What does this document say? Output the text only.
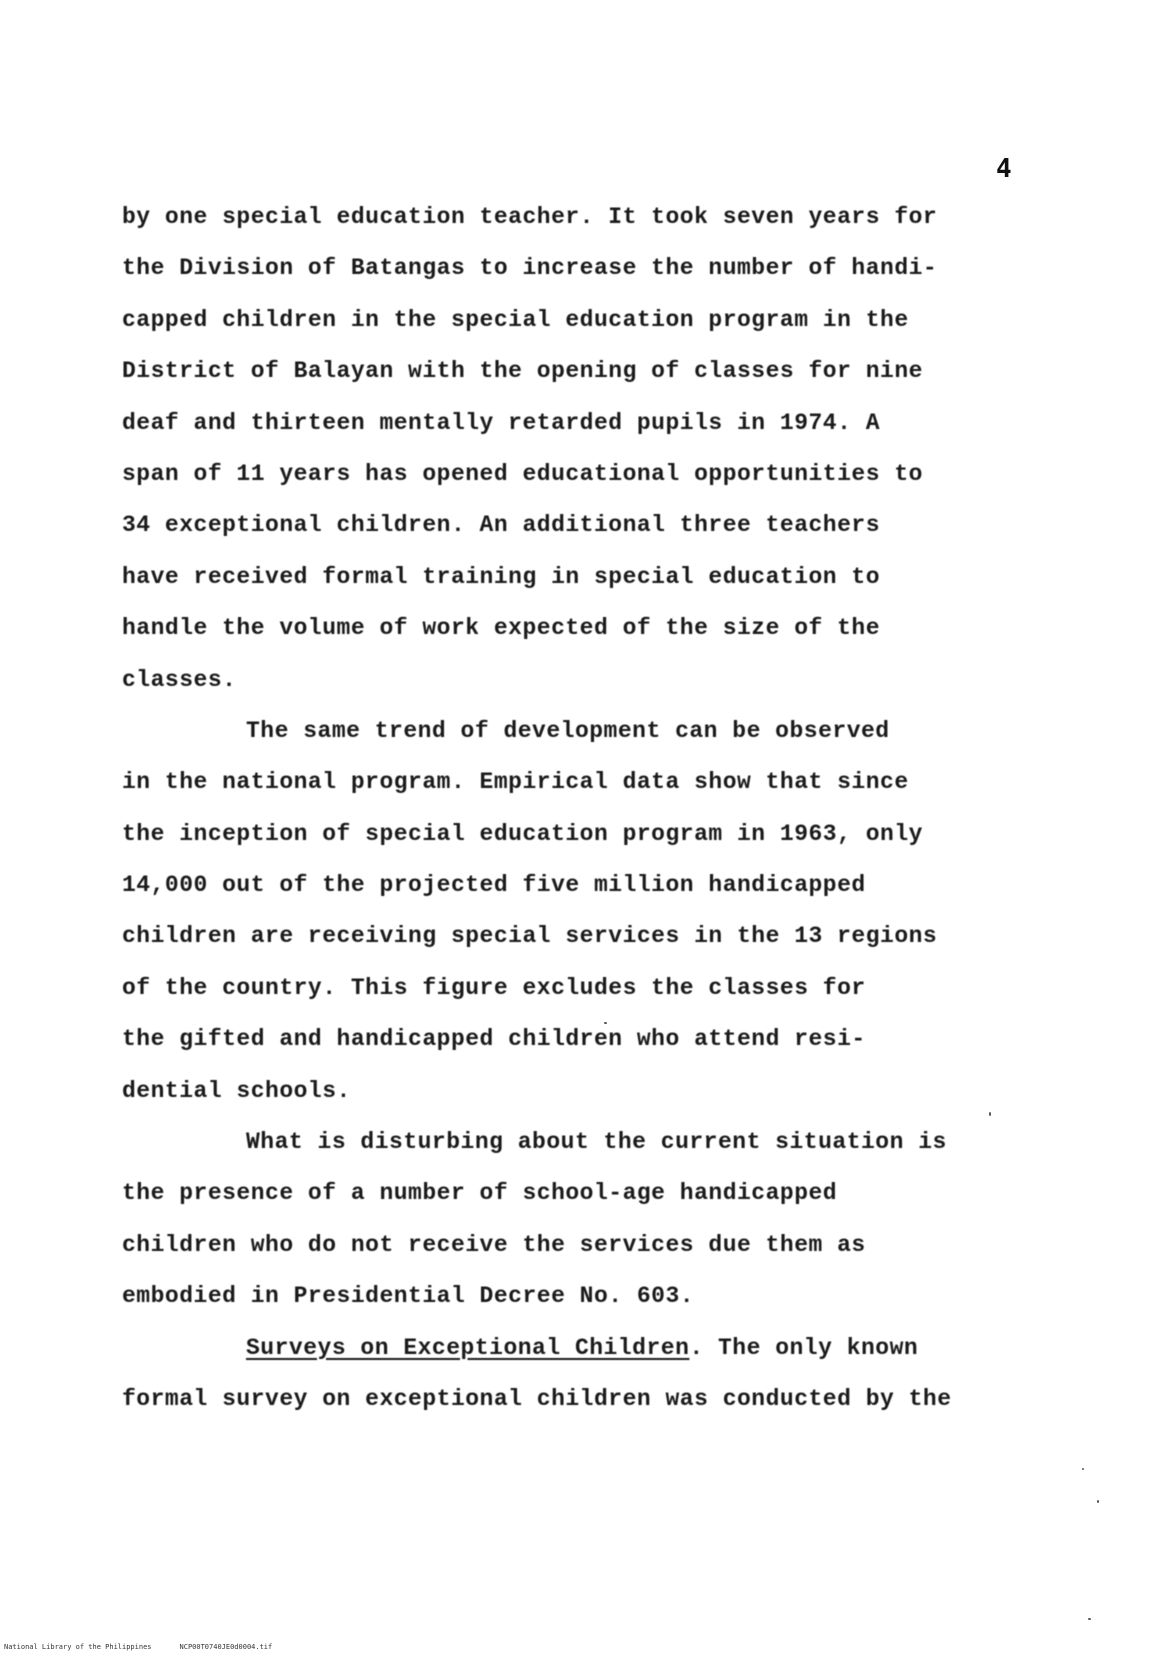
4
by one special education teacher. It took seven years for
the Division of Batangas to increase the number of handi-
capped children in the special education program in the
District of Balayan with the opening of classes for nine
deaf and thirteen mentally retarded pupils in 1974. A
span of 11 years has opened educational opportunities to
34 exceptional children. An additional three teachers
have received formal training in special education to
handle the volume of work expected of the size of the
classes.
The same trend of development can be observed
in the national program. Empirical data show that since
the inception of special education program in 1963, only
14,000 out of the projected five million handicapped
children are receiving special services in the 13 regions
of the country. This figure excludes the classes for
the gifted and handicapped children who attend resi-
dential schools.
What is disturbing about the current situation is
the presence of a number of school-age handicapped
children who do not receive the services due them as
embodied in Presidential Decree No. 603.
Surveys on Exceptional Children. The only known
formal survey on exceptional children was conducted by the
National Library of the Philippines	NCP00T0740JE0d0004.tif
